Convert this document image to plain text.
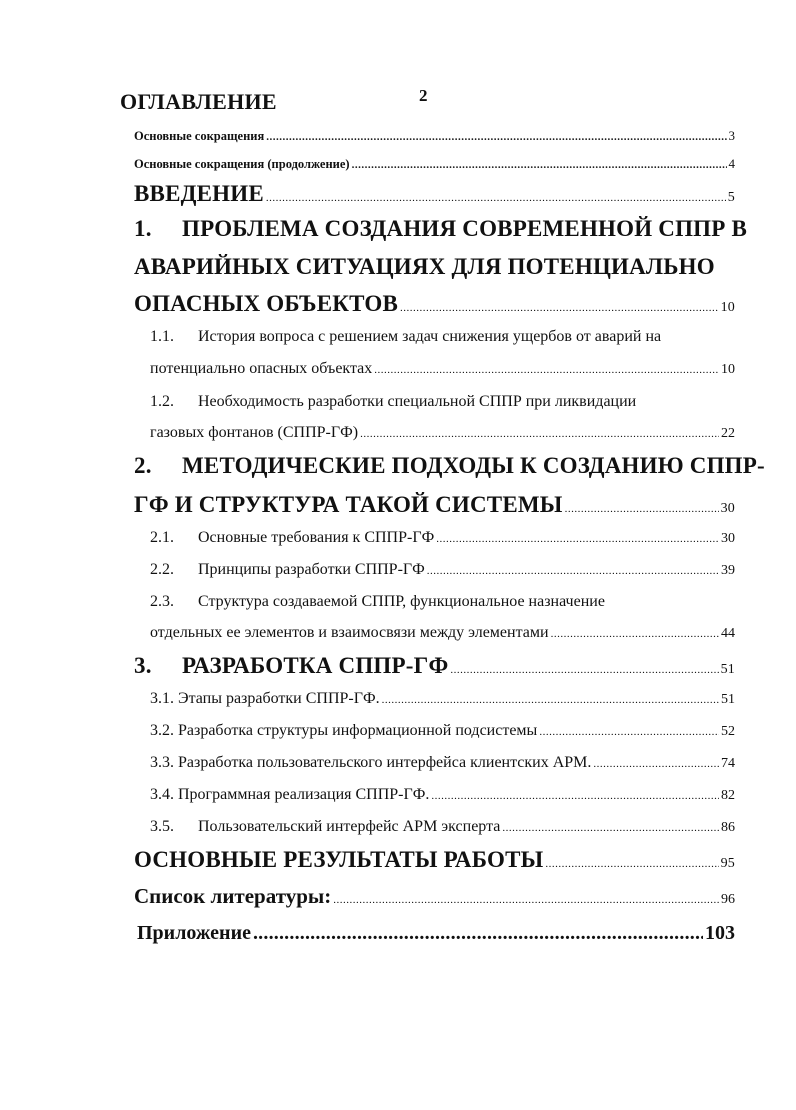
2
ОГЛАВЛЕНИЕ
Основные сокращения .....	3
Основные сокращения (продолжение) .....	4
ВВЕДЕНИЕ .....	5
1. ПРОБЛЕМА СОЗДАНИЯ СОВРЕМЕННОЙ СППР В
АВАРИЙНЫХ СИТУАЦИЯХ ДЛЯ ПОТЕНЦИАЛЬНО
ОПАСНЫХ ОБЪЕКТОВ .....	10
1.1. История вопроса с решением задач снижения ущербов от аварий на
потенциально опасных объектах .....	10
1.2. Необходимость разработки специальной СППР при ликвидации
газовых фонтанов (СППР-ГФ) .....	22
2. МЕТОДИЧЕСКИЕ ПОДХОДЫ К СОЗДАНИЮ СППР-
ГФ И СТРУКТУРА ТАКОЙ СИСТЕМЫ .....	30
2.1. Основные требования к СППР-ГФ .....	30
2.2. Принципы разработки СППР-ГФ .....	39
2.3. Структура создаваемой СППР, функциональное назначение
отдельных ее элементов и взаимосвязи между элементами .....	44
3. РАЗРАБОТКА СППР-ГФ .....	51
3.1. Этапы разработки СППР-ГФ. .....	51
3.2. Разработка структуры информационной подсистемы .....	52
3.3. Разработка пользовательского интерфейса клиентских АРМ. .....	74
3.4. Программная реализация СППР-ГФ. .....	82
3.5. Пользовательский интерфейс АРМ эксперта .....	86
ОСНОВНЫЕ РЕЗУЛЬТАТЫ РАБОТЫ .....	95
Список литературы: .....	96
Приложение .....	103
